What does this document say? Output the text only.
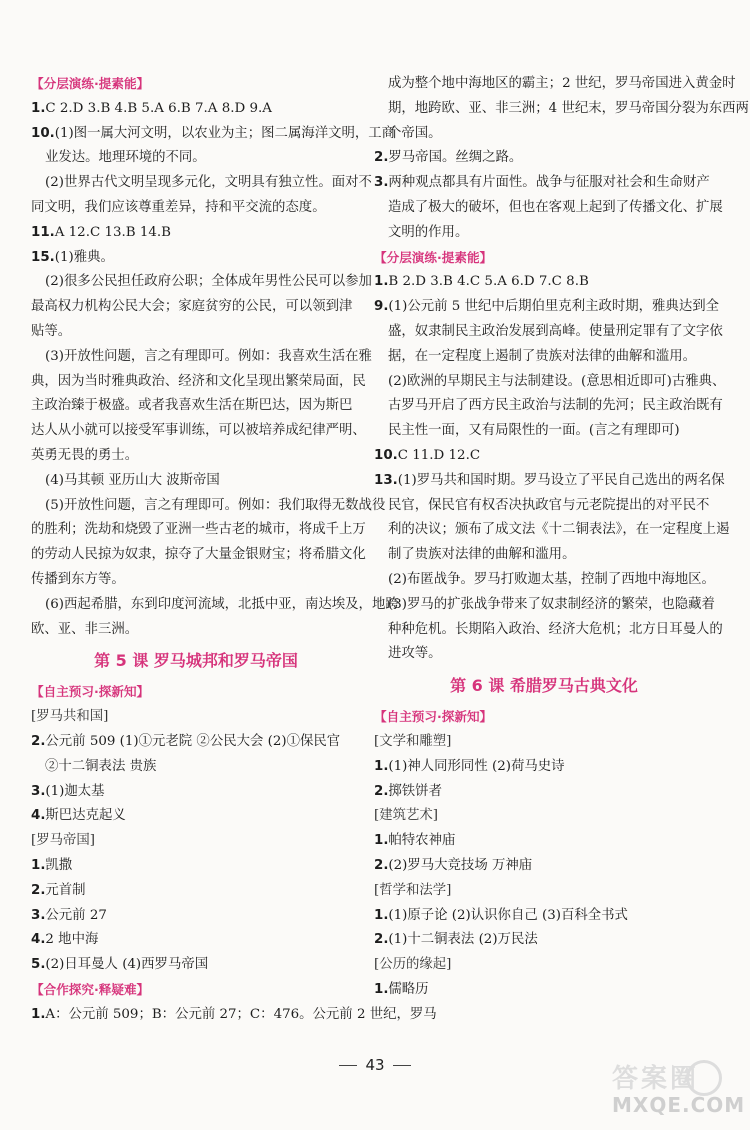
【分层演练·提素能】
1.C 2.D 3.B 4.B 5.A 6.B 7.A 8.D 9.A
10.(1)图一属大河文明，以农业为主；图二属海洋文明，工商
业发达。地理环境的不同。
(2)世界古代文明呈现多元化，文明具有独立性。面对不
同文明，我们应该尊重差异，持和平交流的态度。
11.A 12.C 13.B 14.B
15.(1)雅典。
(2)很多公民担任政府公职；全体成年男性公民可以参加
最高权力机构公民大会；家庭贫穷的公民，可以领到津
贴等。
(3)开放性问题，言之有理即可。例如：我喜欢生活在雅
典，因为当时雅典政治、经济和文化呈现出繁荣局面，民
主政治臻于极盛。或者我喜欢生活在斯巴达，因为斯巴
达人从小就可以接受军事训练，可以被培养成纪律严明、
英勇无畏的勇士。
(4)马其顿 亚历山大 波斯帝国
(5)开放性问题，言之有理即可。例如：我们取得无数战役
的胜利；洗劫和烧毁了亚洲一些古老的城市，将成千上万
的劳动人民掠为奴隶，掠夺了大量金银财宝；将希腊文化
传播到东方等。
(6)西起希腊，东到印度河流域，北抵中亚，南达埃及，地跨
欧、亚、非三洲。
第 5 课 罗马城邦和罗马帝国
【自主预习·探新知】
[罗马共和国]
2.公元前 509 (1)①元老院 ②公民大会 (2)①保民官
②十二铜表法 贵族
3.(1)迦太基
4.斯巴达克起义
[罗马帝国]
1.凯撒
2.元首制
3.公元前 27
4.2 地中海
5.(2)日耳曼人 (4)西罗马帝国
【合作探究·释疑难】
1.A：公元前 509；B：公元前 27；C：476。公元前 2 世纪，罗马
成为整个地中海地区的霸主；2 世纪，罗马帝国进入黄金时
期，地跨欧、亚、非三洲；4 世纪末，罗马帝国分裂为东西两
个帝国。
2.罗马帝国。丝绸之路。
3.两种观点都具有片面性。战争与征服对社会和生命财产
造成了极大的破坏，但也在客观上起到了传播文化、扩展
文明的作用。
【分层演练·提素能】
1.B 2.D 3.B 4.C 5.A 6.D 7.C 8.B
9.(1)公元前 5 世纪中后期伯里克利主政时期，雅典达到全
盛，奴隶制民主政治发展到高峰。使量刑定罪有了文字依
据，在一定程度上遏制了贵族对法律的曲解和滥用。
(2)欧洲的早期民主与法制建设。(意思相近即可)古雅典、
古罗马开启了西方民主政治与法制的先河；民主政治既有
民主性一面，又有局限性的一面。(言之有理即可)
10.C 11.D 12.C
13.(1)罗马共和国时期。罗马设立了平民自己选出的两名保
民官，保民官有权否决执政官与元老院提出的对平民不
利的决议；颁布了成文法《十二铜表法》，在一定程度上遏
制了贵族对法律的曲解和滥用。
(2)布匿战争。罗马打败迦太基，控制了西地中海地区。
(3)罗马的扩张战争带来了奴隶制经济的繁荣，也隐藏着
种种危机。长期陷入政治、经济大危机；北方日耳曼人的
进攻等。
第 6 课 希腊罗马古典文化
【自主预习·探新知】
[文学和雕塑]
1.(1)神人同形同性 (2)荷马史诗
2.掷铁饼者
[建筑艺术]
1.帕特农神庙
2.(2)罗马大竞技场 万神庙
[哲学和法学]
1.(1)原子论 (2)认识你自己 (3)百科全书式
2.(1)十二铜表法 (2)万民法
[公历的缘起]
1.儒略历
43	答案圈
MXQE.COM
